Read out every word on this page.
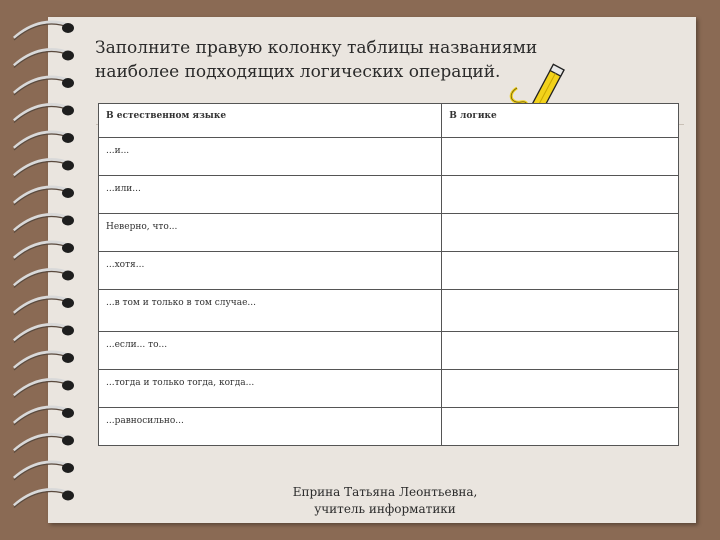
Заполните правую колонку таблицы названиями наиболее подходящих логических операций.
В естественном языке	В логике
...и...	
...или...	
Неверно, что...	
...хотя...	
...в том и только в том случае...	
...если... то...	
...тогда и только тогда, когда...	
...равносильно...	
Еприна Татьяна Леонтьевна,
учитель информатики
